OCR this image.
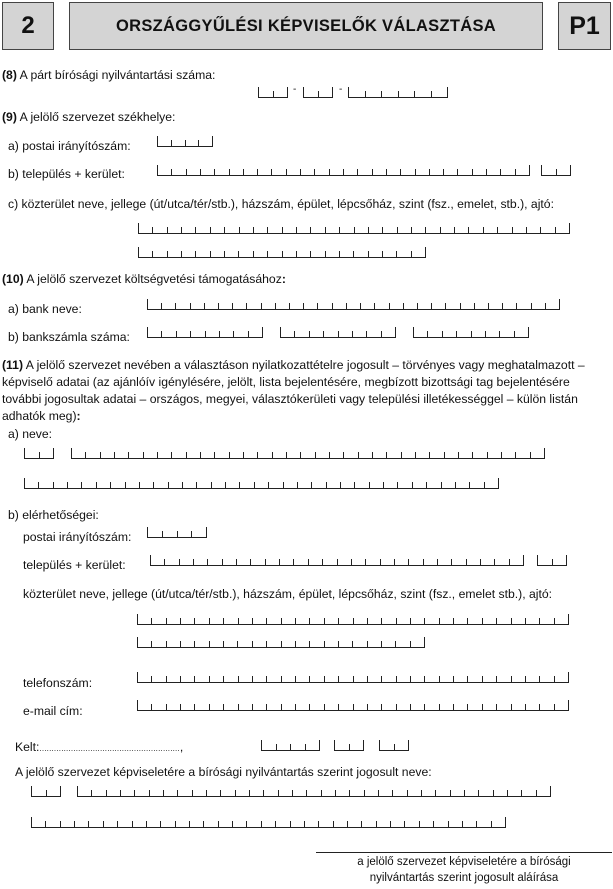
2	ORSZÁGGYŰLÉSI KÉPVISELŐK VÁLASZTÁSA	P1
(8) A párt bírósági nyilvántartási száma:
-	-
(9) A jelölő szervezet székhelye:
a) postai irányítószám:
b) település + kerület:
c) közterület neve, jellege (út/utca/tér/stb.), házszám, épület, lépcsőház, szint (fsz., emelet, stb.), ajtó:
(10) A jelölő szervezet költségvetési támogatásához:
a) bank neve:
b) bankszámla száma:
(11) A jelölő szervezet nevében a választáson nyilatkozattételre jogosult – törvényes vagy meghatalmazott –
képviselő adatai (az ajánlóív igénylésére, jelölt, lista bejelentésére, megbízott bizottsági tag bejelentésére
további jogosultak adatai – országos, megyei, választókerületi vagy települési illetékességgel – külön listán
adhatók meg):
a) neve:
b) elérhetőségei:
postai irányítószám:
település + kerület:
közterület neve, jellege (út/utca/tér/stb.), házszám, épület, lépcsőház, szint (fsz., emelet stb.), ajtó:
telefonszám:
e-mail cím:
Kelt:..........................................................,
A jelölő szervezet képviseletére a bírósági nyilvántartás szerint jogosult neve:
a jelölő szervezet képviseletére a bírósági
nyilvántartás szerint jogosult aláírása
